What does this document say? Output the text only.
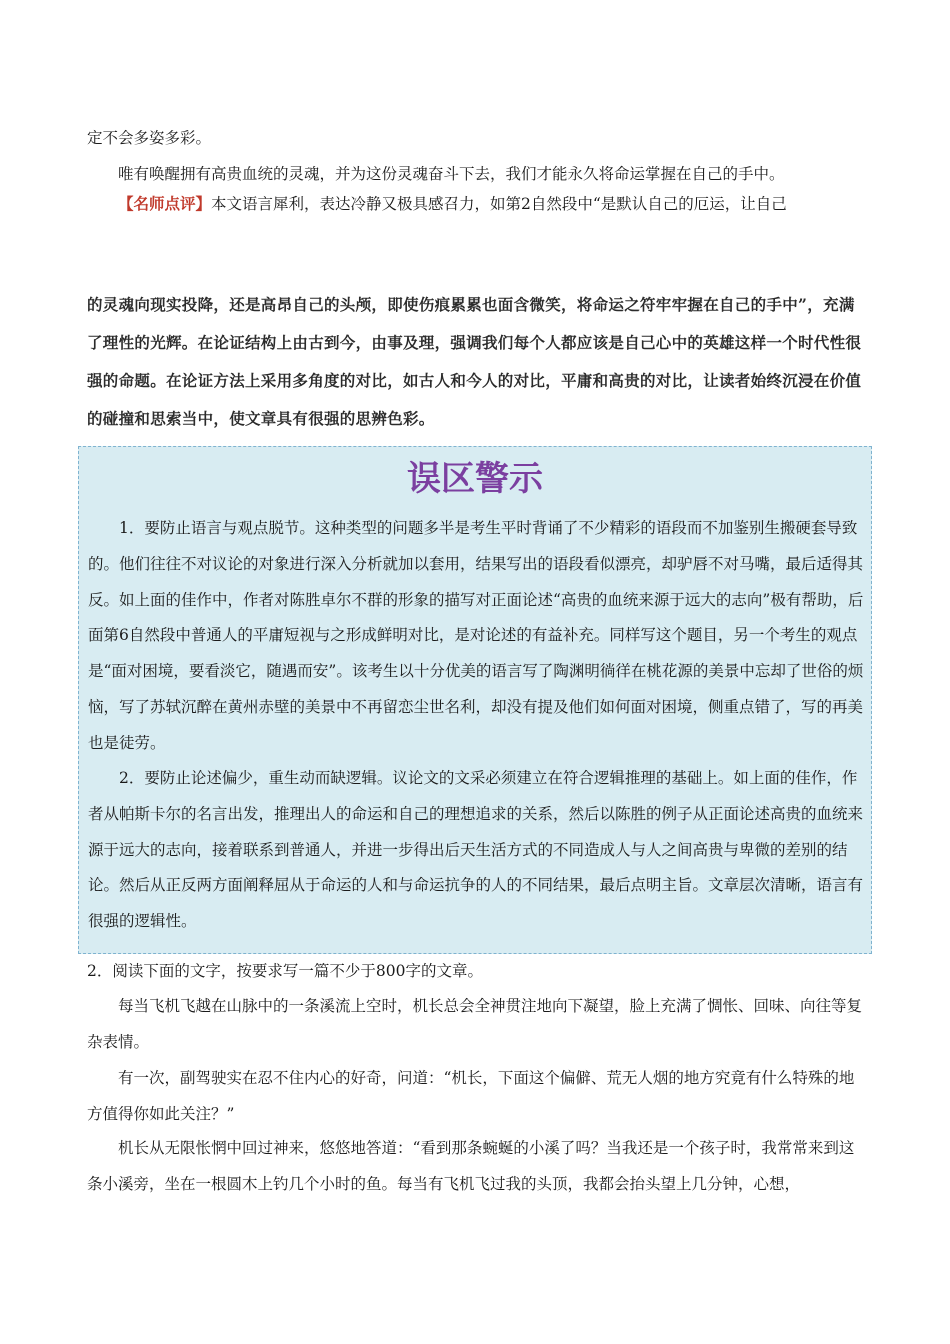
定不会多姿多彩。

唯有唤醒拥有高贵血统的灵魂，并为这份灵魂奋斗下去，我们才能永久将命运掌握在自己的手中。

【名师点评】本文语言犀利，表达冷静又极具感召力，如第2自然段中“是默认自己的厄运，让自己

的灵魂向现实投降，还是高昂自己的头颅，即使伤痕累累也面含微笑，将命运之符牢牢握在自己的手中”，充满了理性的光辉。在论证结构上由古到今，由事及理，强调我们每个人都应该是自己心中的英雄这样一个时代性很强的命题。在论证方法上采用多角度的对比，如古人和今人的对比，平庸和高贵的对比，让读者始终沉浸在价值的碰撞和思索当中，使文章具有很强的思辨色彩。

误区警示

1．要防止语言与观点脱节。这种类型的问题多半是考生平时背诵了不少精彩的语段而不加鉴别生搬硬套导致的。他们往往不对议论的对象进行深入分析就加以套用，结果写出的语段看似漂亮，却驴唇不对马嘴，最后适得其反。如上面的佳作中，作者对陈胜卓尔不群的形象的描写对正面论述“高贵的血统来源于远大的志向”极有帮助，后面第6自然段中普通人的平庸短视与之形成鲜明对比，是对论述的有益补充。同样写这个题目，另一个考生的观点是“面对困境，要看淡它，随遇而安”。该考生以十分优美的语言写了陶渊明徜徉在桃花源的美景中忘却了世俗的烦恼，写了苏轼沉醉在黄州赤壁的美景中不再留恋尘世名利，却没有提及他们如何面对困境，侧重点错了，写的再美也是徒劳。

2．要防止论述偏少，重生动而缺逻辑。议论文的文采必须建立在符合逻辑推理的基础上。如上面的佳作，作者从帕斯卡尔的名言出发，推理出人的命运和自己的理想追求的关系，然后以陈胜的例子从正面论述高贵的血统来源于远大的志向，接着联系到普通人，并进一步得出后天生活方式的不同造成人与人之间高贵与卑微的差别的结论。然后从正反两方面阐释屈从于命运的人和与命运抗争的人的不同结果，最后点明主旨。文章层次清晰，语言有很强的逻辑性。

2．阅读下面的文字，按要求写一篇不少于800字的文章。

每当飞机飞越在山脉中的一条溪流上空时，机长总会全神贯注地向下凝望，脸上充满了惆怅、回味、向往等复杂表情。

有一次，副驾驶实在忍不住内心的好奇，问道：“机长，下面这个偏僻、荒无人烟的地方究竟有什么特殊的地方值得你如此关注？”

机长从无限怅惘中回过神来，悠悠地答道：“看到那条蜿蜒的小溪了吗？当我还是一个孩子时，我常常来到这条小溪旁，坐在一根圆木上钓几个小时的鱼。每当有飞机飞过我的头顶，我都会抬头望上几分钟，心想，
